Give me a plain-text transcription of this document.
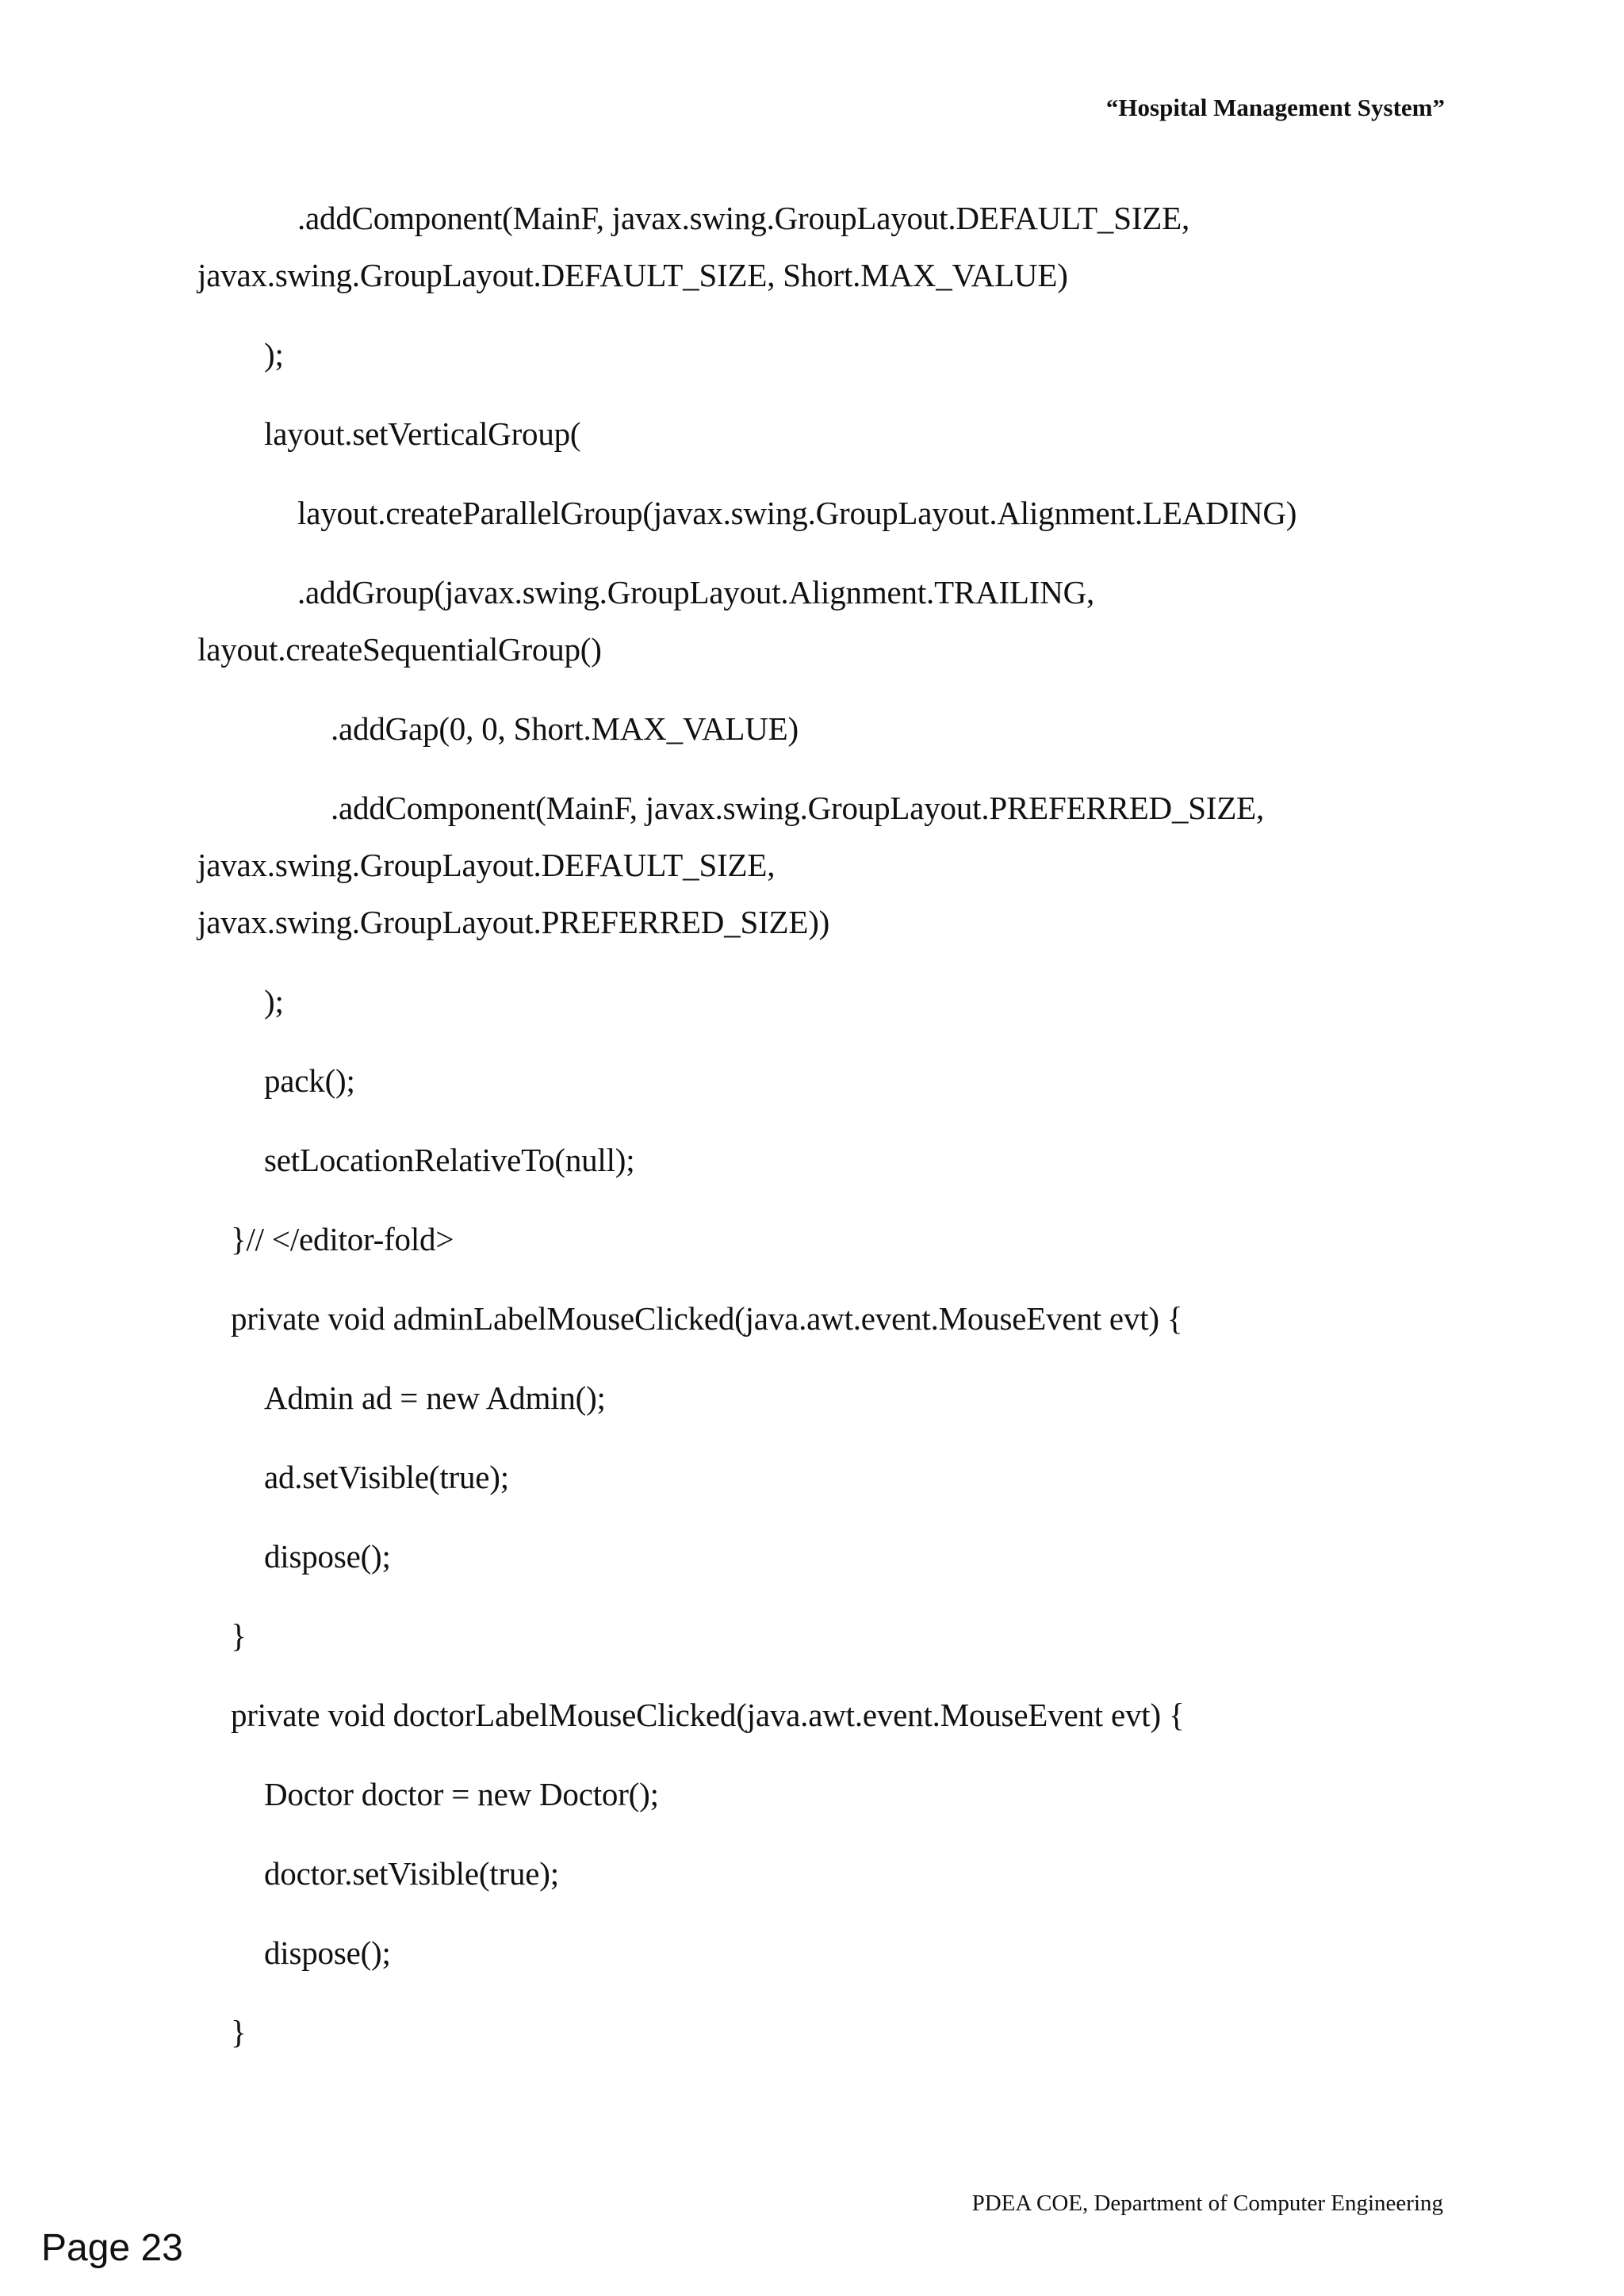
“Hospital Management System”
.addComponent(MainF, javax.swing.GroupLayout.DEFAULT_SIZE,
javax.swing.GroupLayout.DEFAULT_SIZE, Short.MAX_VALUE)
);
layout.setVerticalGroup(
layout.createParallelGroup(javax.swing.GroupLayout.Alignment.LEADING)
.addGroup(javax.swing.GroupLayout.Alignment.TRAILING,
layout.createSequentialGroup()
.addGap(0, 0, Short.MAX_VALUE)
.addComponent(MainF, javax.swing.GroupLayout.PREFERRED_SIZE,
javax.swing.GroupLayout.DEFAULT_SIZE,
javax.swing.GroupLayout.PREFERRED_SIZE))
);
pack();
setLocationRelativeTo(null);
}// </editor-fold>
private void adminLabelMouseClicked(java.awt.event.MouseEvent evt) {
Admin ad = new Admin();
ad.setVisible(true);
dispose();
}
private void doctorLabelMouseClicked(java.awt.event.MouseEvent evt) {
Doctor doctor = new Doctor();
doctor.setVisible(true);
dispose();
}
PDEA COE, Department of Computer Engineering
Page 23
